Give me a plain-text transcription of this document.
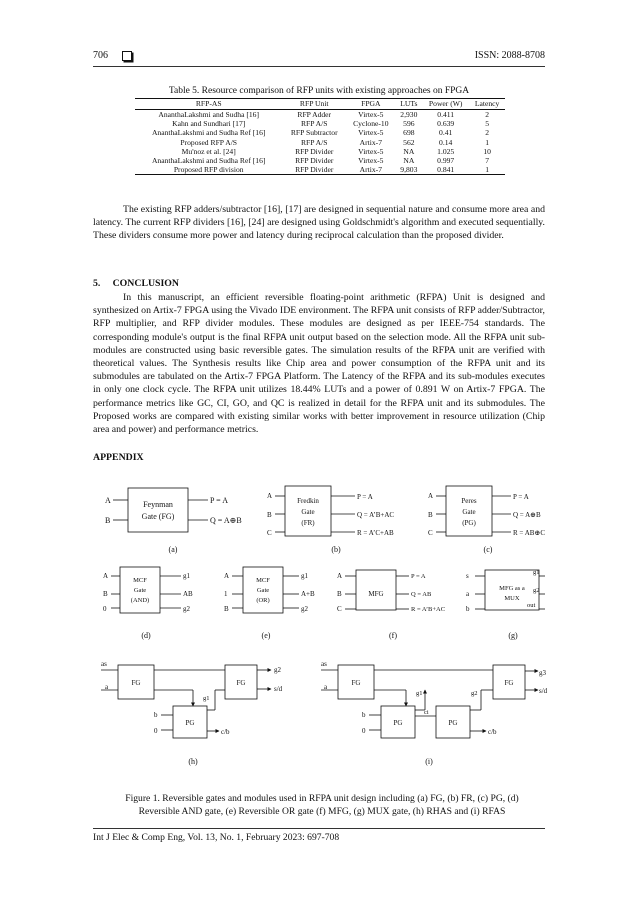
706	ISSN: 2088-8708
Table 5. Resource comparison of RFP units with existing approaches on FPGA
RFP-AS	RFP Unit	FPGA	LUTs	Power (W)	Latency
AnanthaLakshmi and Sudha [16]	RFP Adder	Virtex-5	2,930	0.411	2
Kahn and Sundhari [17]	RFP A/S	Cyclone-10	596	0.639	5
AnanthaLakshmi and Sudha Ref [16]	RFP Subtractor	Virtex-5	698	0.41	2
Proposed RFP A/S	RFP A/S	Artix-7	562	0.14	1
Mu'noz et al. [24]	RFP Divider	Virtex-5	NA	1.025	10
AnanthaLakshmi and Sudha Ref [16]	RFP Divider	Virtex-5	NA	0.997	7
Proposed RFP division	RFP Divider	Artix-7	9,803	0.841	1

The existing RFP adders/subtractor [16], [17] are designed in sequential nature and consume more area and latency. The current RFP dividers [16], [24] are designed using Goldschmidt's algorithm and executed sequentially. These dividers consume more power and latency during reciprocal calculation than the proposed divider.

5.     CONCLUSION

In this manuscript, an efficient reversible floating-point arithmetic (RFPA) Unit is designed and synthesized on Artix-7 FPGA using the Vivado IDE environment. The RFPA unit consists of RFP adder/Subtractor, RFP multiplier, and RFP divider modules. These modules are designed as per IEEE-754 standards. The corresponding module's output is the final RFPA unit output based on the selection mode. All the RFPA unit sub-modules are constructed using basic reversible gates. The simulation results of the RFPA unit are verified with theoretical values. The Synthesis results like Chip area and power consumption of the RFPA unit and its submodules are tabulated on the Artix-7 FPGA Platform. The Latency of the RFPA and its sub-modules executes in only one clock cycle. The RFPA unit utilizes 18.44% LUTs and a power of 0.891 W on Artix-7 FPGA. The performance metrics like GC, CI, GO, and QC is realized in detail for the RFPA unit and its submodules. The Proposed works are compared with existing similar works with better improvement in resource utilization (Chip area and power) and performance metrics.

APPENDIX
A
B
Feynman
Gate (FG)
P = A
Q = A⊕B
(a)
A
B
C
Fredkin
Gate
(FR)
P = A
Q = A’B+AC
R = A’C+AB
(b)
A
B
C
Peres
Gate
(PG)
P = A
Q = A⊕B
R = AB⊕C
(c)
A
B
0
MCF
Gate
(AND)
g1
AB
g2
(d)
A
1
B
MCF
Gate
(OR)
g1
A+B
g2
(e)
A
B
C
MFG
P = A
Q = AB
R = A’B+AC
(f)
s
a
b
MFG as a
MUX
g1
g2
out
(g)
as
a
b
0
FG	FG
PG
g1
g2
s/d
c/b
(h)
as
a
b
0
FG	FG
PG	PG
g1	g2
ci
g3
s/d
c/b
(i)
Figure 1. Reversible gates and modules used in RFPA unit design including (a) FG, (b) FR, (c) PG, (d) Reversible AND gate, (e) Reversible OR gate (f) MFG, (g) MUX gate, (h) RHAS and (i) RFAS
Int J Elec & Comp Eng, Vol. 13, No. 1, February 2023: 697-708
